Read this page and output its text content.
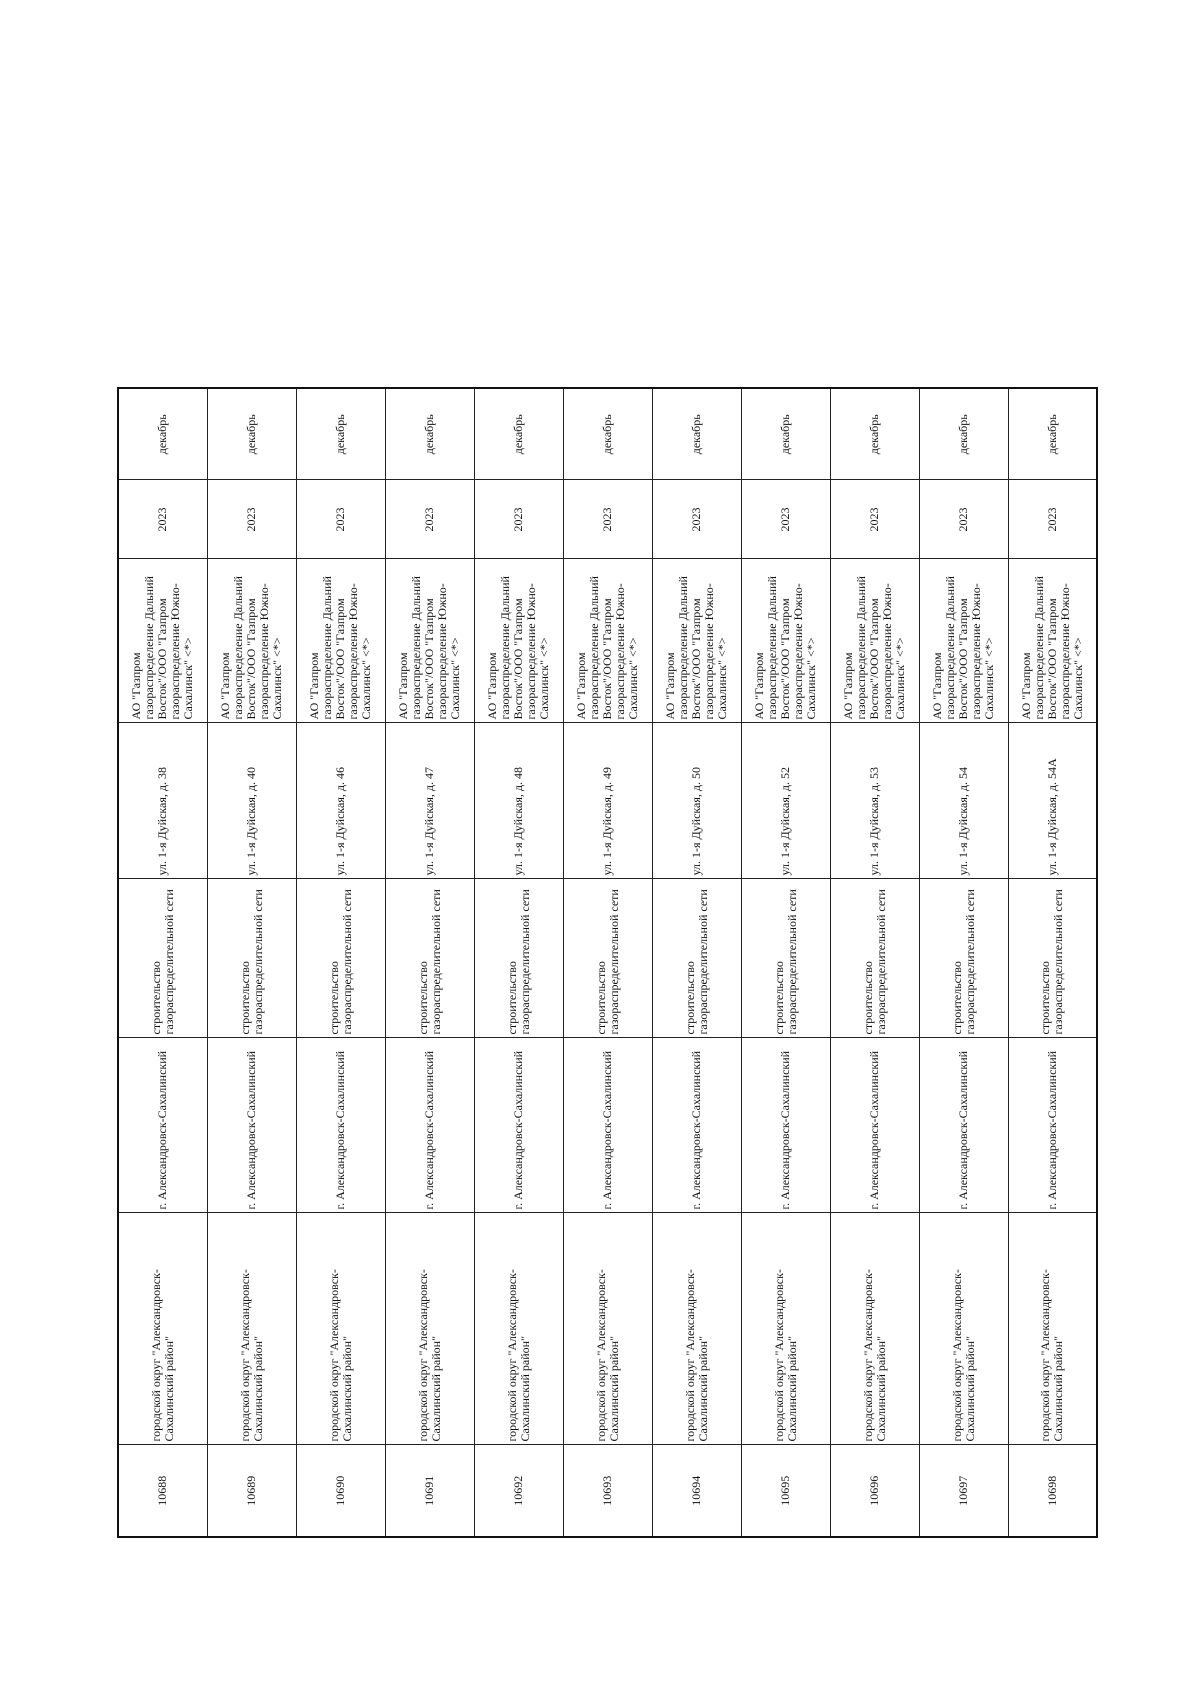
10688	городской округ "Александровск-Сахалинский район"	г. Александровск-Сахалинский	строительство газораспределительной сети	ул. 1-я Дуйская, д. 38	АО "Газпром газораспределение Дальний Восток"/ООО "Газпром газораспределение Южно-Сахалинск" <*>	2023	декабрь
10689	городской округ "Александровск-Сахалинский район"	г. Александровск-Сахалинский	строительство газораспределительной сети	ул. 1-я Дуйская, д. 40	АО "Газпром газораспределение Дальний Восток"/ООО "Газпром газораспределение Южно-Сахалинск" <*>	2023	декабрь
10690	городской округ "Александровск-Сахалинский район"	г. Александровск-Сахалинский	строительство газораспределительной сети	ул. 1-я Дуйская, д. 46	АО "Газпром газораспределение Дальний Восток"/ООО "Газпром газораспределение Южно-Сахалинск" <*>	2023	декабрь
10691	городской округ "Александровск-Сахалинский район"	г. Александровск-Сахалинский	строительство газораспределительной сети	ул. 1-я Дуйская, д. 47	АО "Газпром газораспределение Дальний Восток"/ООО "Газпром газораспределение Южно-Сахалинск" <*>	2023	декабрь
10692	городской округ "Александровск-Сахалинский район"	г. Александровск-Сахалинский	строительство газораспределительной сети	ул. 1-я Дуйская, д. 48	АО "Газпром газораспределение Дальний Восток"/ООО "Газпром газораспределение Южно-Сахалинск" <*>	2023	декабрь
10693	городской округ "Александровск-Сахалинский район"	г. Александровск-Сахалинский	строительство газораспределительной сети	ул. 1-я Дуйская, д. 49	АО "Газпром газораспределение Дальний Восток"/ООО "Газпром газораспределение Южно-Сахалинск" <*>	2023	декабрь
10694	городской округ "Александровск-Сахалинский район"	г. Александровск-Сахалинский	строительство газораспределительной сети	ул. 1-я Дуйская, д. 50	АО "Газпром газораспределение Дальний Восток"/ООО "Газпром газораспределение Южно-Сахалинск" <*>	2023	декабрь
10695	городской округ "Александровск-Сахалинский район"	г. Александровск-Сахалинский	строительство газораспределительной сети	ул. 1-я Дуйская, д. 52	АО "Газпром газораспределение Дальний Восток"/ООО "Газпром газораспределение Южно-Сахалинск" <*>	2023	декабрь
10696	городской округ "Александровск-Сахалинский район"	г. Александровск-Сахалинский	строительство газораспределительной сети	ул. 1-я Дуйская, д. 53	АО "Газпром газораспределение Дальний Восток"/ООО "Газпром газораспределение Южно-Сахалинск" <*>	2023	декабрь
10697	городской округ "Александровск-Сахалинский район"	г. Александровск-Сахалинский	строительство газораспределительной сети	ул. 1-я Дуйская, д. 54	АО "Газпром газораспределение Дальний Восток"/ООО "Газпром газораспределение Южно-Сахалинск" <*>	2023	декабрь
10698	городской округ "Александровск-Сахалинский район"	г. Александровск-Сахалинский	строительство газораспределительной сети	ул. 1-я Дуйская, д. 54А	АО "Газпром газораспределение Дальний Восток"/ООО "Газпром газораспределение Южно-Сахалинск" <*>	2023	декабрь
